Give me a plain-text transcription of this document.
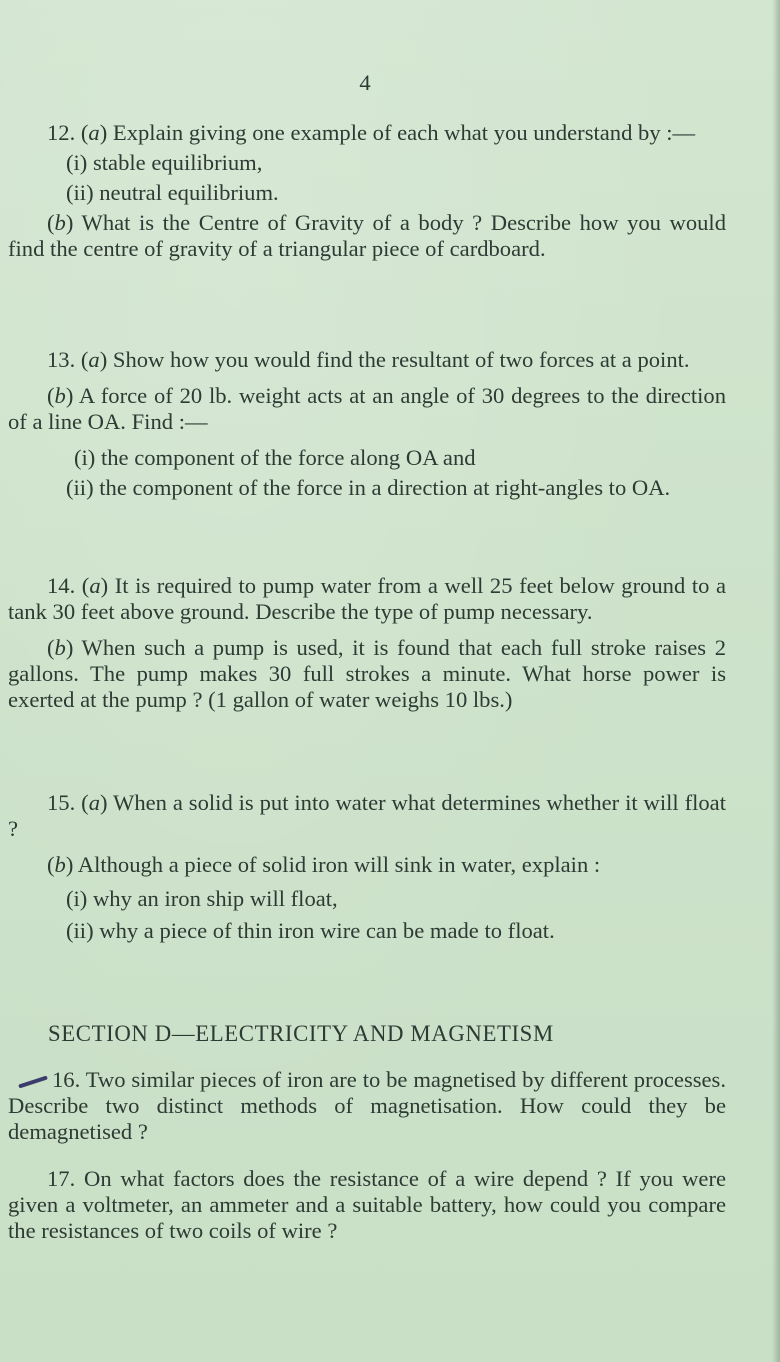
4

12. (a) Explain giving one example of each what you understand by :—

(i) stable equilibrium,

(ii) neutral equilibrium.

(b) What is the Centre of Gravity of a body ? Describe how you would find the centre of gravity of a triangular piece of cardboard.

13. (a) Show how you would find the resultant of two forces at a point.

(b) A force of 20 lb. weight acts at an angle of 30 degrees to the direction of a line OA. Find :—

(i) the component of the force along OA and

(ii) the component of the force in a direction at right-angles to OA.

14. (a) It is required to pump water from a well 25 feet below ground to a tank 30 feet above ground. Describe the type of pump necessary.

(b) When such a pump is used, it is found that each full stroke raises 2 gallons. The pump makes 30 full strokes a minute. What horse power is exerted at the pump ? (1 gallon of water weighs 10 lbs.)

15. (a) When a solid is put into water what determines whether it will float ?

(b) Although a piece of solid iron will sink in water, explain :

(i) why an iron ship will float,

(ii) why a piece of thin iron wire can be made to float.

SECTION D—ELECTRICITY AND MAGNETISM

16. Two similar pieces of iron are to be magnetised by different processes. Describe two distinct methods of magnetisation. How could they be demagnetised ?

17. On what factors does the resistance of a wire depend ? If you were given a voltmeter, an ammeter and a suitable battery, how could you compare the resistances of two coils of wire ?
